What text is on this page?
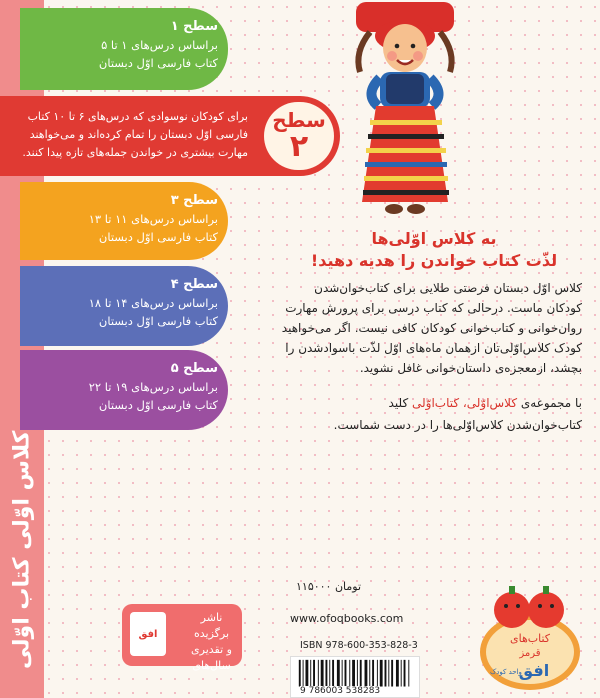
کلاس اوّلی کتاب اوّلی
سطح ۱
براساس درس‌های ۱ تا ۵
کتاب فارسی اوّل دبستان
سطح
۲
برای کودکان نوسوادی که درس‌های ۶ تا ۱۰ کتاب
فارسی اوّل دبستان را تمام کرده‌اند و می‌خواهند
مهارت بیشتری در خواندن جمله‌های تازه پیدا کنند.
سطح ۳
براساس درس‌های ۱۱ تا ۱۳
کتاب فارسی اوّل دبستان
سطح ۴
براساس درس‌های ۱۴ تا ۱۸
کتاب فارسی اوّل دبستان
سطح ۵
براساس درس‌های ۱۹ تا ۲۲
کتاب فارسی اوّل دبستان
به کلاس اوّلی‌ها
لذّت کتاب خواندن را هدیه دهید!
کلاس اوّل دبستان فرصتی طلایی برای کتاب‌خوان‌شدن
کودکان ماست. درحالی که کتاب درسی برای پرورش مهارت
روان‌خوانی و کتاب‌خوانی کودکان کافی نیست. اگر می‌خواهید
کودک کلاس‌اوّلی‌تان ازهمان ماه‌های اوّل لذّت باسوادشدن را
بچشد، ازمعجزه‌ی داستان‌خوانی غافل نشوید.
با مجموعه‌ی کلاس‌اوّلی، کتاب‌اوّلی کلید
کتاب‌خوان‌شدن کلاس‌اوّلی‌ها را در دست شماست.
۱۱۵۰۰۰ تومان
www.ofoqbooks.com
ISBN 978-600-353-828-3
9 786003 538283
ناشر
برگزیده
و تقدیری
سال‌های
افق	کتاب‌های
قرمز
افق
واحد کودک
